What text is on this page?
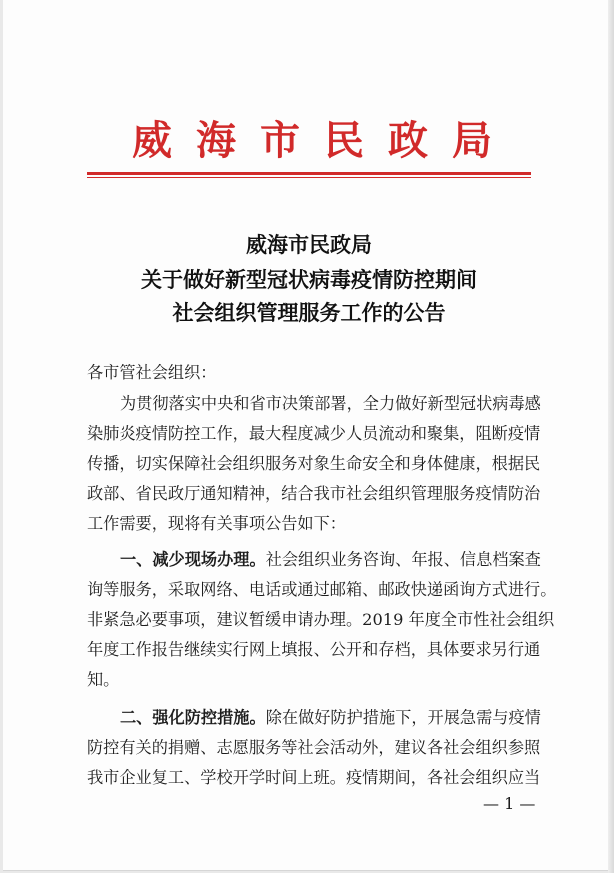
威海市民政局
威海市民政局
关于做好新型冠状病毒疫情防控期间
社会组织管理服务工作的公告
各市管社会组织：
为贯彻落实中央和省市决策部署，全力做好新型冠状病毒感
染肺炎疫情防控工作，最大程度减少人员流动和聚集，阻断疫情
传播，切实保障社会组织服务对象生命安全和身体健康，根据民
政部、省民政厅通知精神，结合我市社会组织管理服务疫情防治
工作需要，现将有关事项公告如下：
一、减少现场办理。社会组织业务咨询、年报、信息档案查
询等服务，采取网络、电话或通过邮箱、邮政快递函询方式进行。
非紧急必要事项，建议暂缓申请办理。2019 年度全市性社会组织
年度工作报告继续实行网上填报、公开和存档，具体要求另行通
知。
二、强化防控措施。除在做好防护措施下，开展急需与疫情
防控有关的捐赠、志愿服务等社会活动外，建议各社会组织参照
我市企业复工、学校开学时间上班。疫情期间，各社会组织应当
— 1 —
